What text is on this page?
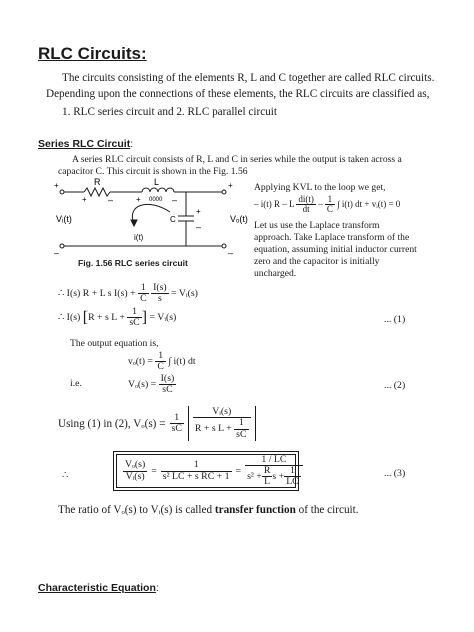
RLC Circuits:
The circuits consisting of the elements R, L and C together are called RLC circuits.
Depending upon the connections of these elements, the RLC circuits are classified as,
1. RLC series circuit and 2. RLC parallel circuit
Series RLC Circuit:
A series RLC circuit consists of R, L and C in series while the output is taken across a
capacitor C. This circuit is shown in the Fig. 1.56
R	L
0000
+
–
+ –	+	–
+
–
C
+
–
Vᵢ(t)	Vₒ(t)
i(t)
Fig. 1.56 RLC series circuit
Applying KVL to the loop we get,
– i(t) R – L $\frac{di(t)}{dt} - \frac{1}{C}$ ∫ i(t) dt + vᵢ(t) = 0
Let us use the Laplace transform
approach. Take Laplace transform of the
equation, assuming initial inductor current
zero and the capacitor is initially
uncharged.
∴ I(s) R + L s $I(s) + \frac{1}{C}$
$\frac{I(s)}{s}$ = Vᵢ(s)
∴ I(s) [R + s $L + \frac{1}{sC}$ ] = Vᵢ(s)	... (1)
The output equation is,
$v_o(t) = \frac{1}{C}$ ∫ i(t) dt
i.e.	$V_o(s) = \frac{I(s)}{sC}$	... (2)
Using (1) in (2), $V_o(s) = \frac{1}{sC}$
$\frac{\text{Vᵢ(s)}}{R + s L + \frac{1}{sC}}$
∴	$\frac{\text{Vₒ(s)}}{\text{Vᵢ(s)}} = \frac{1}{\text{s² LC + s RC + 1}} = \frac{1 / LC}{s^2 + \frac{R}{L} s + \frac{1}{LC}}$	... (3)
The ratio of Vₒ(s) to Vᵢ(s) is called transfer function of the circuit.
Characteristic Equation:
